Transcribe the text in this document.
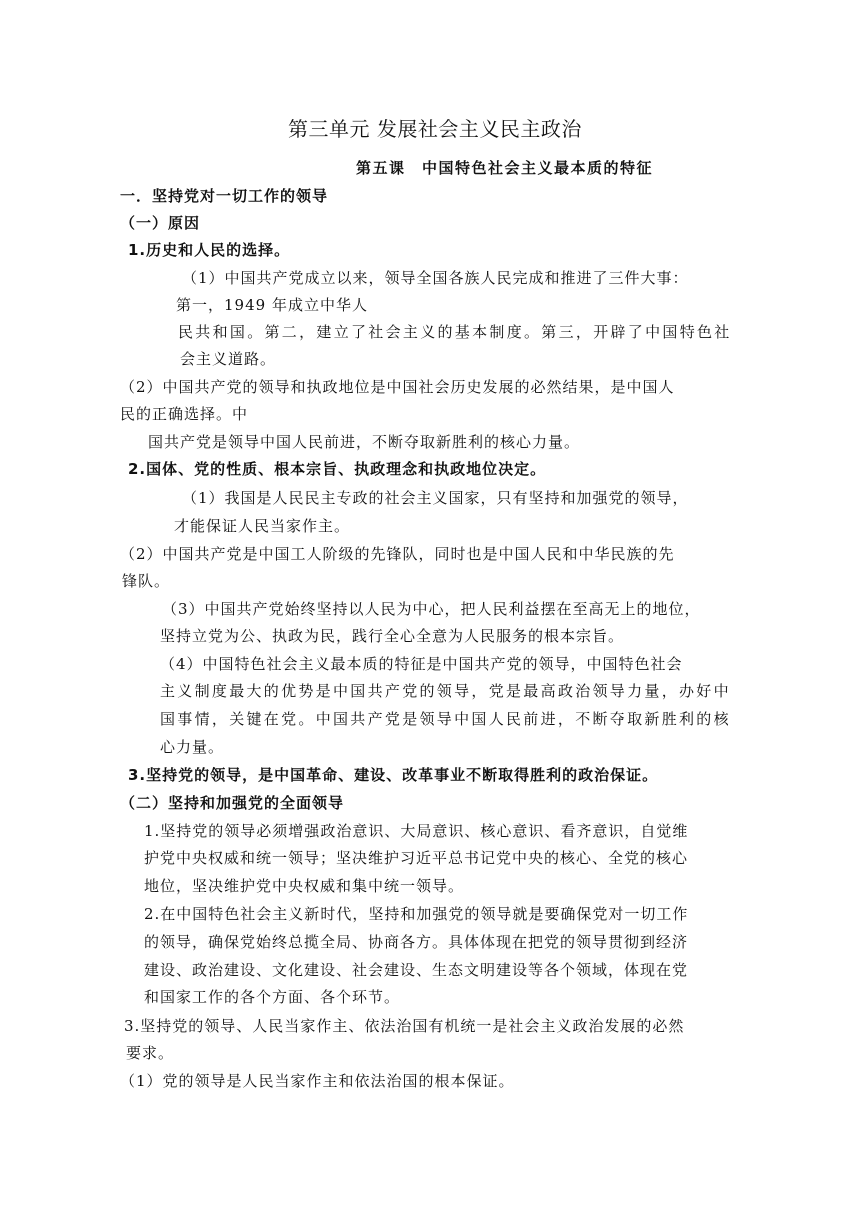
第三单元 发展社会主义民主政治
第五课　中国特色社会主义最本质的特征
一．坚持党对一切工作的领导
（一）原因
1.历史和人民的选择。
（1）中国共产党成立以来，领导全国各族人民完成和推进了三件大事：
第一，1949 年成立中华人
民共和国。第二，建立了社会主义的基本制度。第三，开辟了中国特色社
会主义道路。
（2）中国共产党的领导和执政地位是中国社会历史发展的必然结果，是中国人
民的正确选择。中
国共产党是领导中国人民前进，不断夺取新胜利的核心力量。
2.国体、党的性质、根本宗旨、执政理念和执政地位决定。
（1）我国是人民民主专政的社会主义国家，只有坚持和加强党的领导，
才能保证人民当家作主。
（2）中国共产党是中国工人阶级的先锋队，同时也是中国人民和中华民族的先
锋队。
（3）中国共产党始终坚持以人民为中心，把人民利益摆在至高无上的地位，
坚持立党为公、执政为民，践行全心全意为人民服务的根本宗旨。
（4）中国特色社会主义最本质的特征是中国共产党的领导，中国特色社会
主义制度最大的优势是中国共产党的领导，党是最高政治领导力量，办好中
国事情，关键在党。中国共产党是领导中国人民前进，不断夺取新胜利的核
心力量。
3.坚持党的领导，是中国革命、建设、改革事业不断取得胜利的政治保证。
（二）坚持和加强党的全面领导
1.坚持党的领导必须增强政治意识、大局意识、核心意识、看齐意识，自觉维
护党中央权威和统一领导；坚决维护习近平总书记党中央的核心、全党的核心
地位，坚决维护党中央权威和集中统一领导。
2.在中国特色社会主义新时代，坚持和加强党的领导就是要确保党对一切工作
的领导，确保党始终总揽全局、协商各方。具体体现在把党的领导贯彻到经济
建设、政治建设、文化建设、社会建设、生态文明建设等各个领域，体现在党
和国家工作的各个方面、各个环节。
3.坚持党的领导、人民当家作主、依法治国有机统一是社会主义政治发展的必然
要求。
（1）党的领导是人民当家作主和依法治国的根本保证。
